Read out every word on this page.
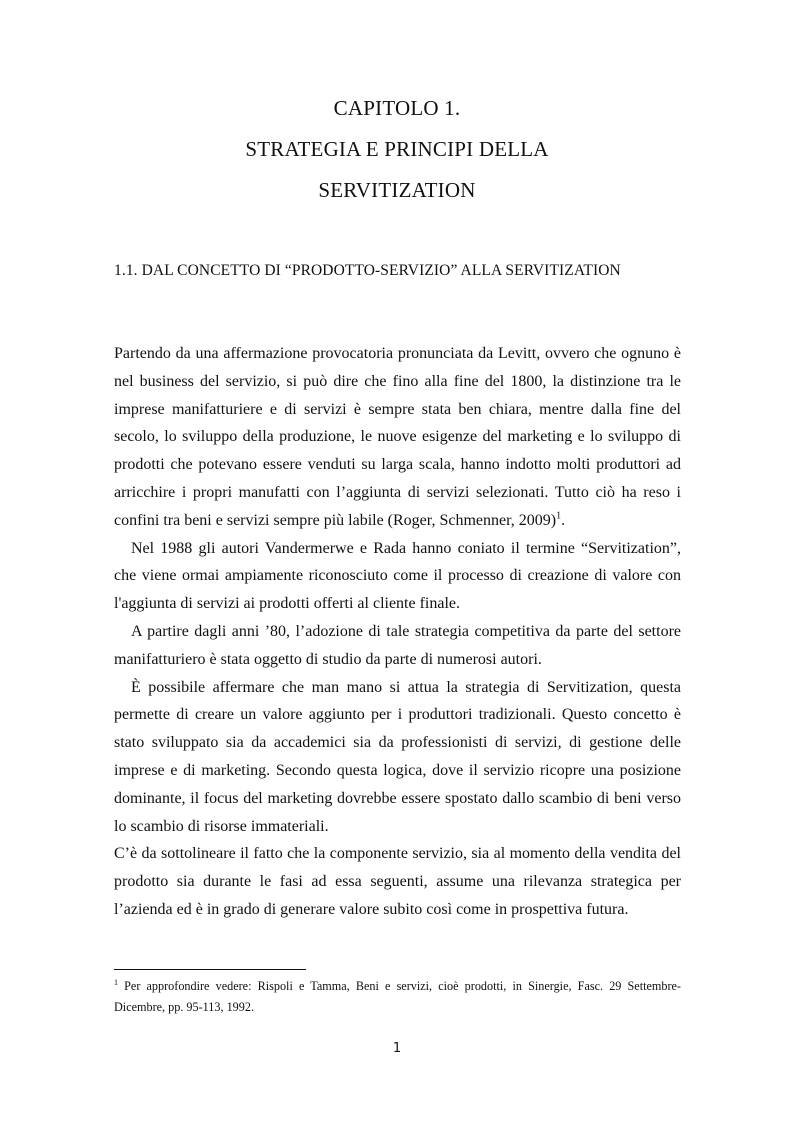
CAPITOLO 1.
STRATEGIA E PRINCIPI DELLA
SERVITIZATION
1.1. DAL CONCETTO DI “PRODOTTO-SERVIZIO” ALLA SERVITIZATION

Partendo da una affermazione provocatoria pronunciata da Levitt, ovvero che ognuno è nel business del servizio, si può dire che fino alla fine del 1800, la distinzione tra le imprese manifatturiere e di servizi è sempre stata ben chiara, mentre dalla fine del secolo, lo sviluppo della produzione, le nuove esigenze del marketing e lo sviluppo di prodotti che potevano essere venduti su larga scala, hanno indotto molti produttori ad arricchire i propri manufatti con l’aggiunta di servizi selezionati. Tutto ciò ha reso i confini tra beni e servizi sempre più labile (Roger, Schmenner, 2009)$^1$.

Nel 1988 gli autori Vandermerwe e Rada hanno coniato il termine “Servitization”, che viene ormai ampiamente riconosciuto come il processo di creazione di valore con l'aggiunta di servizi ai prodotti offerti al cliente finale.

A partire dagli anni ’80, l’adozione di tale strategia competitiva da parte del settore manifatturiero è stata oggetto di studio da parte di numerosi autori.

È possibile affermare che man mano si attua la strategia di Servitization, questa permette di creare un valore aggiunto per i produttori tradizionali. Questo concetto è stato sviluppato sia da accademici sia da professionisti di servizi, di gestione delle imprese e di marketing. Secondo questa logica, dove il servizio ricopre una posizione dominante, il focus del marketing dovrebbe essere spostato dallo scambio di beni verso lo scambio di risorse immateriali.

C’è da sottolineare il fatto che la componente servizio, sia al momento della vendita del prodotto sia durante le fasi ad essa seguenti, assume una rilevanza strategica per l’azienda ed è in grado di generare valore subito così come in prospettiva futura.

$^1$ Per approfondire vedere: Rispoli e Tamma, Beni e servizi, cioè prodotti, in Sinergie, Fasc. 29 Settembre-Dicembre, pp. 95-113, 1992.
1
